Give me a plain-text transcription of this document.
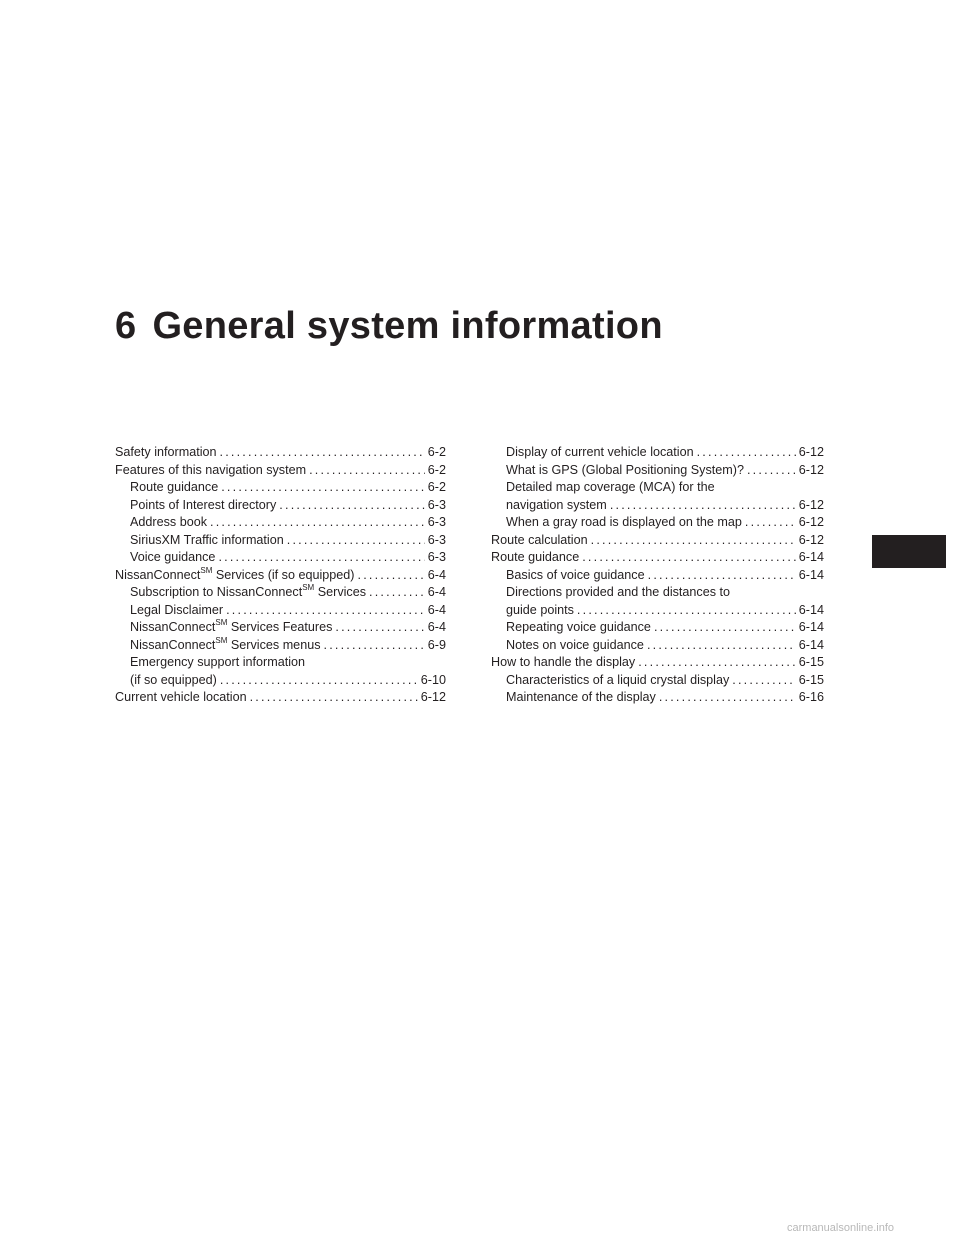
6 General system information
Safety information .....	6-2
Features of this navigation system .....	6-2
Route guidance .....	6-2
Points of Interest directory .....	6-3
Address book .....	6-3
SiriusXM Traffic information .....	6-3
Voice guidance .....	6-3
NissanConnect℠ Services (if so equipped) .....	6-4
Subscription to NissanConnect℠ Services .....	6-4
Legal Disclaimer .....	6-4
NissanConnect℠ Services Features .....	6-4
NissanConnect℠ Services menus .....	6-9
Emergency support information
(if so equipped) .....	6-10
Current vehicle location .....	6-12
Display of current vehicle location .....	6-12
What is GPS (Global Positioning System)? .....	6-12
Detailed map coverage (MCA) for the
navigation system .....	6-12
When a gray road is displayed on the map .....	6-12
Route calculation .....	6-12
Route guidance .....	6-14
Basics of voice guidance .....	6-14
Directions provided and the distances to
guide points .....	6-14
Repeating voice guidance .....	6-14
Notes on voice guidance .....	6-14
How to handle the display .....	6-15
Characteristics of a liquid crystal display .....	6-15
Maintenance of the display .....	6-16
carmanualsonline.info
